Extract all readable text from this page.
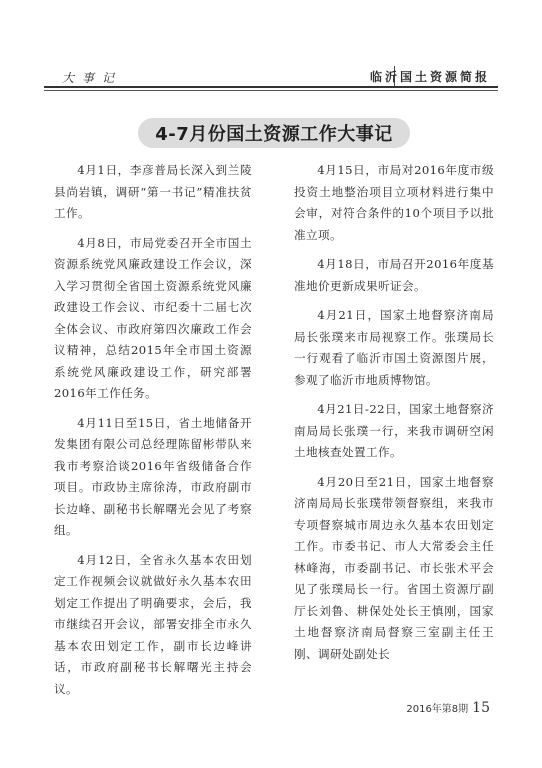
大事记	临沂国土资源简报
4-7月份国土资源工作大事记

4月1日，李彦普局长深入到兰陵县尚岩镇，调研“第一书记”精准扶贫工作。

4月8日，市局党委召开全市国土资源系统党风廉政建设工作会议，深入学习贯彻全省国土资源系统党风廉政建设工作会议、市纪委十二届七次全体会议、市政府第四次廉政工作会议精神，总结2015年全市国土资源系统党风廉政建设工作，研究部署2016年工作任务。

4月11日至15日，省土地储备开发集团有限公司总经理陈留彬带队来我市考察洽谈2016年省级储备合作项目。市政协主席徐涛，市政府副市长边峰、副秘书长解曙光会见了考察组。

4月12日，全省永久基本农田划定工作视频会议就做好永久基本农田划定工作提出了明确要求，会后，我市继续召开会议，部署安排全市永久基本农田划定工作，副市长边峰讲话，市政府副秘书长解曙光主持会议。

4月15日，市局对2016年度市级投资土地整治项目立项材料进行集中会审，对符合条件的10个项目予以批准立项。

4月18日，市局召开2016年度基准地价更新成果听证会。

4月21日，国家土地督察济南局局长张璞来市局视察工作。张璞局长一行观看了临沂市国土资源图片展，参观了临沂市地质博物馆。

4月21日-22日，国家土地督察济南局局长张璞一行，来我市调研空闲土地核查处置工作。

4月20日至21日，国家土地督察济南局局长张璞带领督察组，来我市专项督察城市周边永久基本农田划定工作。市委书记、市人大常委会主任林峰海，市委副书记、市长张术平会见了张璞局长一行。省国土资源厅副厅长刘鲁、耕保处处长王慎刚，国家土地督察济南局督察三室副主任王刚、调研处副处长

2016年第8期 15
